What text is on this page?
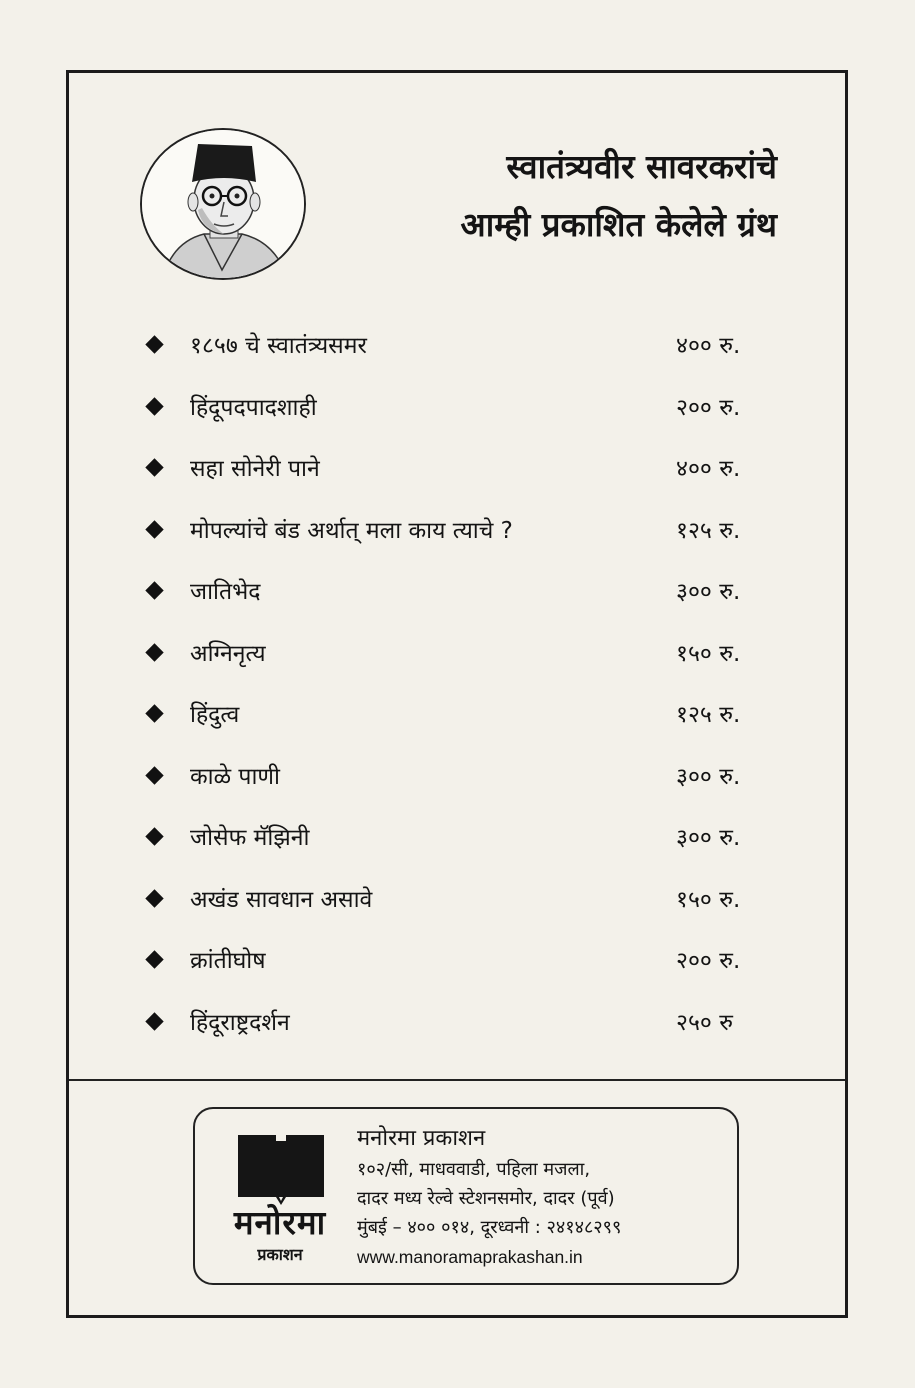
स्वातंत्र्यवीर सावरकरांचे
आम्ही प्रकाशित केलेले ग्रंथ
१८५७ चे स्वातंत्र्यसमर	४०० रु.
हिंदूपदपादशाही	२०० रु.
सहा सोनेरी पाने	४०० रु.
मोपल्यांचे बंड अर्थात् मला काय त्याचे ?	१२५ रु.
जातिभेद	३०० रु.
अग्निनृत्य	१५० रु.
हिंदुत्व	१२५ रु.
काळे पाणी	३०० रु.
जोसेफ मॅझिनी	३०० रु.
अखंड सावधान असावे	१५० रु.
क्रांतीघोष	२०० रु.
हिंदूराष्ट्रदर्शन	२५० रु
मनोरमा
प्रकाशन
मनोरमा प्रकाशन
१०२/सी, माधववाडी, पहिला मजला,
दादर मध्य रेल्वे स्टेशनसमोर, दादर (पूर्व)
मुंबई – ४०० ०१४, दूरध्वनी : २४१४८२९९
www.manoramaprakashan.in
